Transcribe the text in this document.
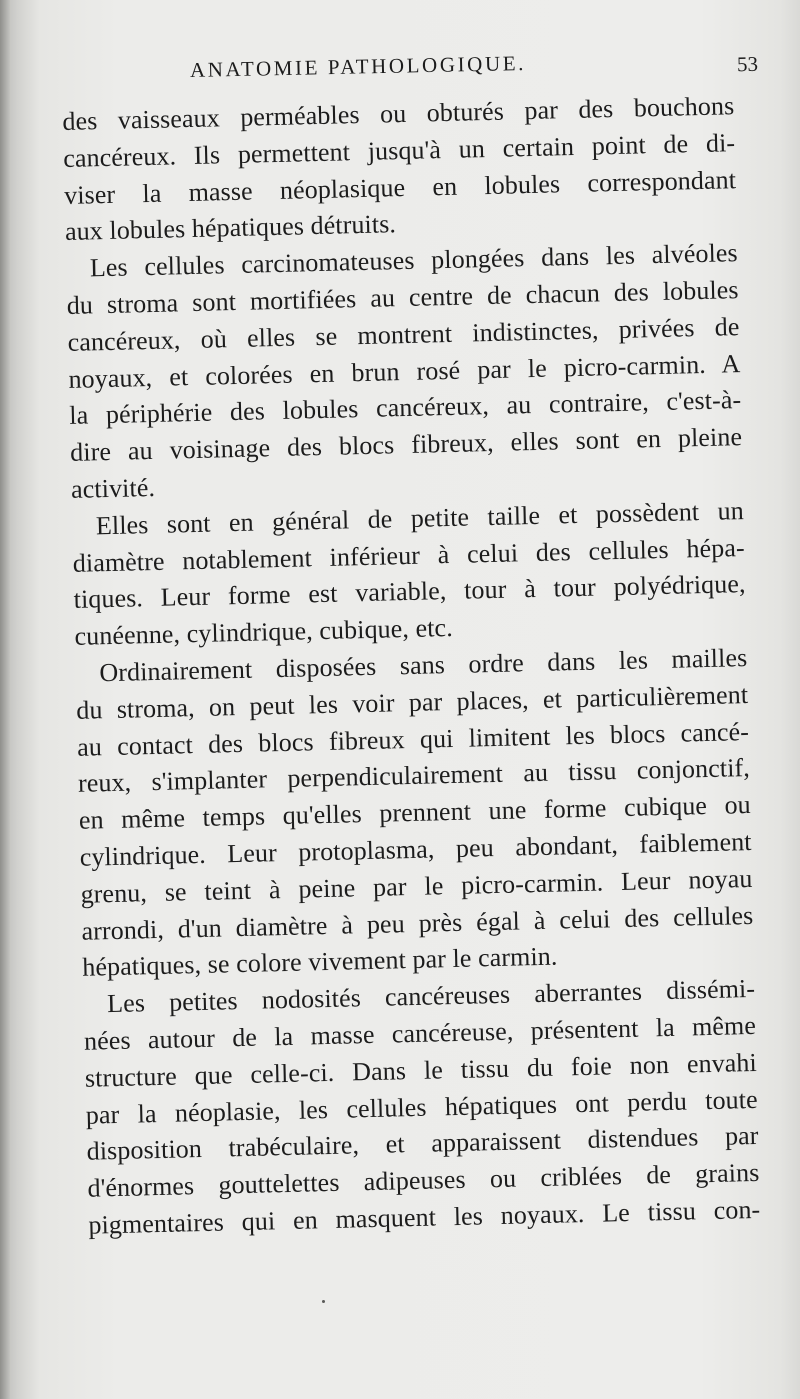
ANATOMIE PATHOLOGIQUE.	53
des vaisseaux perméables ou obturés par des bouchons
cancéreux. Ils permettent jusqu'à un certain point de di-
viser la masse néoplasique en lobules correspondant
aux lobules hépatiques détruits.
Les cellules carcinomateuses plongées dans les alvéoles
du stroma sont mortifiées au centre de chacun des lobules
cancéreux, où elles se montrent indistinctes, privées de
noyaux, et colorées en brun rosé par le picro-carmin. A
la périphérie des lobules cancéreux, au contraire, c'est-à-
dire au voisinage des blocs fibreux, elles sont en pleine
activité.
Elles sont en général de petite taille et possèdent un
diamètre notablement inférieur à celui des cellules hépa-
tiques. Leur forme est variable, tour à tour polyédrique,
cunéenne, cylindrique, cubique, etc.
Ordinairement disposées sans ordre dans les mailles
du stroma, on peut les voir par places, et particulièrement
au contact des blocs fibreux qui limitent les blocs cancé-
reux, s'implanter perpendiculairement au tissu conjonctif,
en même temps qu'elles prennent une forme cubique ou
cylindrique. Leur protoplasma, peu abondant, faiblement
grenu, se teint à peine par le picro-carmin. Leur noyau
arrondi, d'un diamètre à peu près égal à celui des cellules
hépatiques, se colore vivement par le carmin.
Les petites nodosités cancéreuses aberrantes dissémi-
nées autour de la masse cancéreuse, présentent la même
structure que celle-ci. Dans le tissu du foie non envahi
par la néoplasie, les cellules hépatiques ont perdu toute
disposition trabéculaire, et apparaissent distendues par
d'énormes gouttelettes adipeuses ou criblées de grains
pigmentaires qui en masquent les noyaux. Le tissu con-
